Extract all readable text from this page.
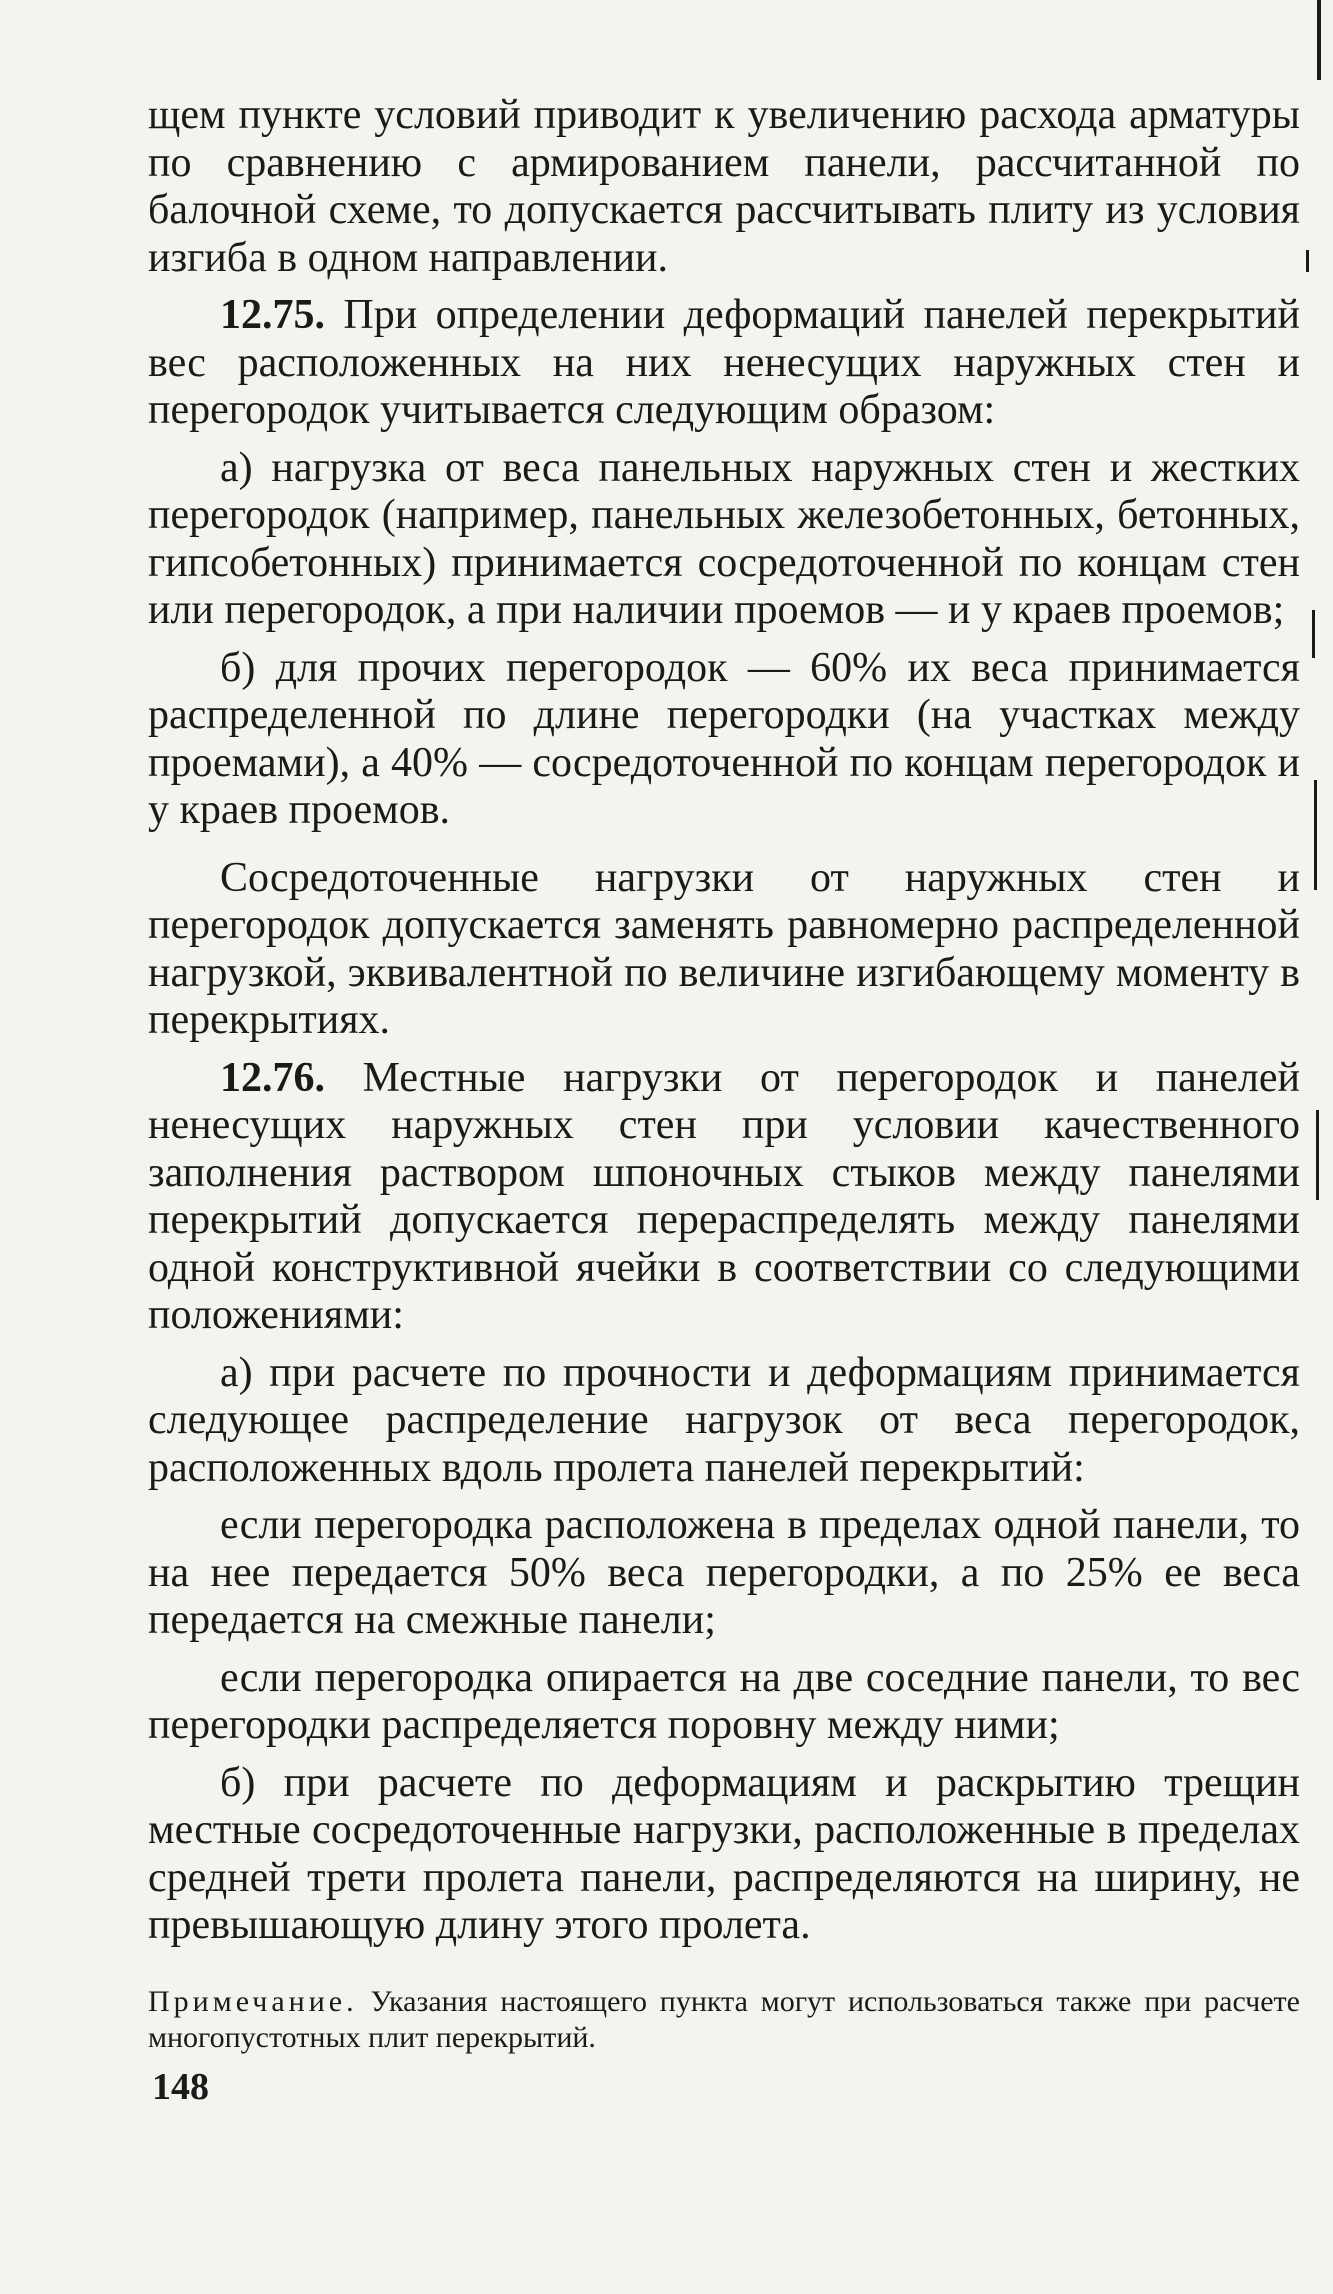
щем пункте условий приводит к увеличению расхода арматуры по сравнению с армированием панели, рассчитанной по балочной схеме, то допускается рассчитывать плиту из условия изгиба в одном направлении.

12.75. При определении деформаций панелей перекрытий вес расположенных на них ненесущих наружных стен и перегородок учитывается следующим образом:

а) нагрузка от веса панельных наружных стен и жестких перегородок (например, панельных железобетонных, бетонных, гипсобетонных) принимается сосредоточенной по концам стен или перегородок, а при наличии проемов — и у краев проемов;

б) для прочих перегородок — 60% их веса принимается распределенной по длине перегородки (на участках между проемами), а 40% — сосредоточенной по концам перегородок и у краев проемов.

Сосредоточенные нагрузки от наружных стен и перегородок допускается заменять равномерно распределенной нагрузкой, эквивалентной по величине изгибающему моменту в перекрытиях.

12.76. Местные нагрузки от перегородок и панелей ненесущих наружных стен при условии качественного заполнения раствором шпоночных стыков между панелями перекрытий допускается перераспределять между панелями одной конструктивной ячейки в соответствии со следующими положениями:

а) при расчете по прочности и деформациям принимается следующее распределение нагрузок от веса перегородок, расположенных вдоль пролета панелей перекрытий:

если перегородка расположена в пределах одной панели, то на нее передается 50% веса перегородки, а по 25% ее веса передается на смежные панели;

если перегородка опирается на две соседние панели, то вес перегородки распределяется поровну между ними;

б) при расчете по деформациям и раскрытию трещин местные сосредоточенные нагрузки, расположенные в пределах средней трети пролета панели, распределяются на ширину, не превышающую длину этого пролета.

Примечание. Указания настоящего пункта могут использоваться также при расчете многопустотных плит перекрытий.

148
